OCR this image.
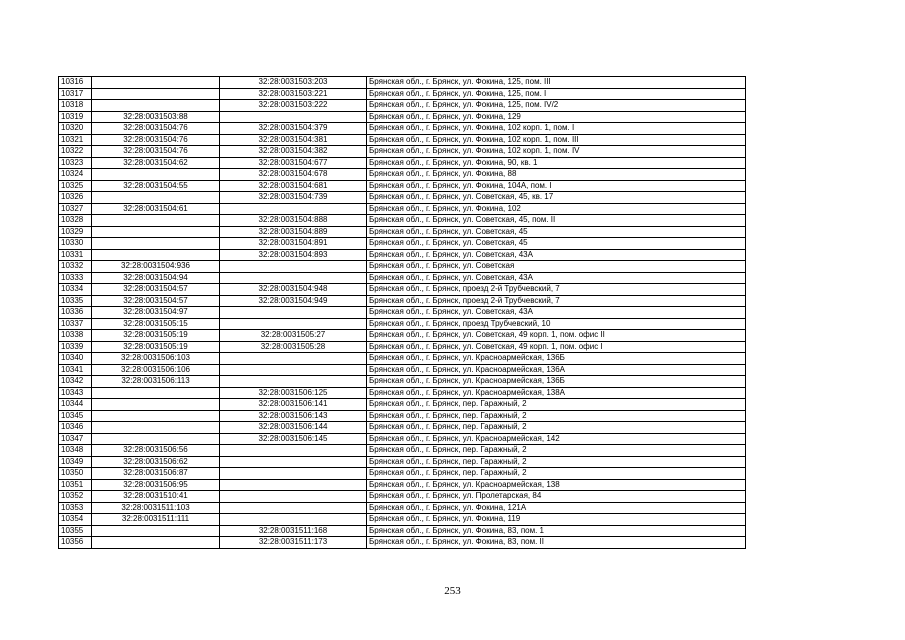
10316		32:28:0031503:203	Брянская обл., г. Брянск, ул. Фокина, 125, пом. III
10317		32:28:0031503:221	Брянская обл., г. Брянск, ул. Фокина, 125, пом. I
10318		32:28:0031503:222	Брянская обл., г. Брянск, ул. Фокина, 125, пом. IV/2
10319	32:28:0031503:88		Брянская обл., г. Брянск, ул. Фокина, 129
10320	32:28:0031504:76	32:28:0031504:379	Брянская обл., г. Брянск, ул. Фокина, 102 корп. 1, пом. I
10321	32:28:0031504:76	32:28:0031504:381	Брянская обл., г. Брянск, ул. Фокина, 102 корп. 1, пом. III
10322	32:28:0031504:76	32:28:0031504:382	Брянская обл., г. Брянск, ул. Фокина, 102 корп. 1, пом. IV
10323	32:28:0031504:62	32:28:0031504:677	Брянская обл., г. Брянск, ул. Фокина, 90, кв. 1
10324		32:28:0031504:678	Брянская обл., г. Брянск, ул. Фокина, 88
10325	32:28:0031504:55	32:28:0031504:681	Брянская обл., г. Брянск, ул. Фокина, 104А, пом. I
10326		32:28:0031504:739	Брянская обл., г. Брянск, ул. Советская, 45, кв. 17
10327	32:28:0031504:61		Брянская обл., г. Брянск, ул. Фокина, 102
10328		32:28:0031504:888	Брянская обл., г. Брянск, ул. Советская, 45, пом. II
10329		32:28:0031504:889	Брянская обл., г. Брянск, ул. Советская, 45
10330		32:28:0031504:891	Брянская обл., г. Брянск, ул. Советская, 45
10331		32:28:0031504:893	Брянская обл., г. Брянск, ул. Советская, 43А
10332	32:28:0031504:936		Брянская обл., г. Брянск, ул. Советская
10333	32:28:0031504:94		Брянская обл., г. Брянск, ул. Советская, 43А
10334	32:28:0031504:57	32:28:0031504:948	Брянская обл., г. Брянск, проезд 2-й Трубчевский, 7
10335	32:28:0031504:57	32:28:0031504:949	Брянская обл., г. Брянск, проезд 2-й Трубчевский, 7
10336	32:28:0031504:97		Брянская обл., г. Брянск, ул. Советская, 43А
10337	32:28:0031505:15		Брянская обл., г. Брянск, проезд Трубчевский, 10
10338	32:28:0031505:19	32:28:0031505:27	Брянская обл., г. Брянск, ул. Советская, 49 корп. 1, пом. офис II
10339	32:28:0031505:19	32:28:0031505:28	Брянская обл., г. Брянск, ул. Советская, 49 корп. 1, пом. офис I
10340	32:28:0031506:103		Брянская обл., г. Брянск, ул. Красноармейская, 136Б
10341	32:28:0031506:106		Брянская обл., г. Брянск, ул. Красноармейская, 136А
10342	32:28:0031506:113		Брянская обл., г. Брянск, ул. Красноармейская, 136Б
10343		32:28:0031506:125	Брянская обл., г. Брянск, ул. Красноармейская, 138А
10344		32:28:0031506:141	Брянская обл., г. Брянск, пер. Гаражный, 2
10345		32:28:0031506:143	Брянская обл., г. Брянск, пер. Гаражный, 2
10346		32:28:0031506:144	Брянская обл., г. Брянск, пер. Гаражный, 2
10347		32:28:0031506:145	Брянская обл., г. Брянск, ул. Красноармейская, 142
10348	32:28:0031506:56		Брянская обл., г. Брянск, пер. Гаражный, 2
10349	32:28:0031506:62		Брянская обл., г. Брянск, пер. Гаражный, 2
10350	32:28:0031506:87		Брянская обл., г. Брянск, пер. Гаражный, 2
10351	32:28:0031506:95		Брянская обл., г. Брянск, ул. Красноармейская, 138
10352	32:28:0031510:41		Брянская обл., г. Брянск, ул. Пролетарская, 84
10353	32:28:0031511:103		Брянская обл., г. Брянск, ул. Фокина, 121А
10354	32:28:0031511:111		Брянская обл., г. Брянск, ул. Фокина, 119
10355		32:28:0031511:168	Брянская обл., г. Брянск, ул. Фокина, 83, пом. 1
10356		32:28:0031511:173	Брянская обл., г. Брянск, ул. Фокина, 83, пом. II
253
